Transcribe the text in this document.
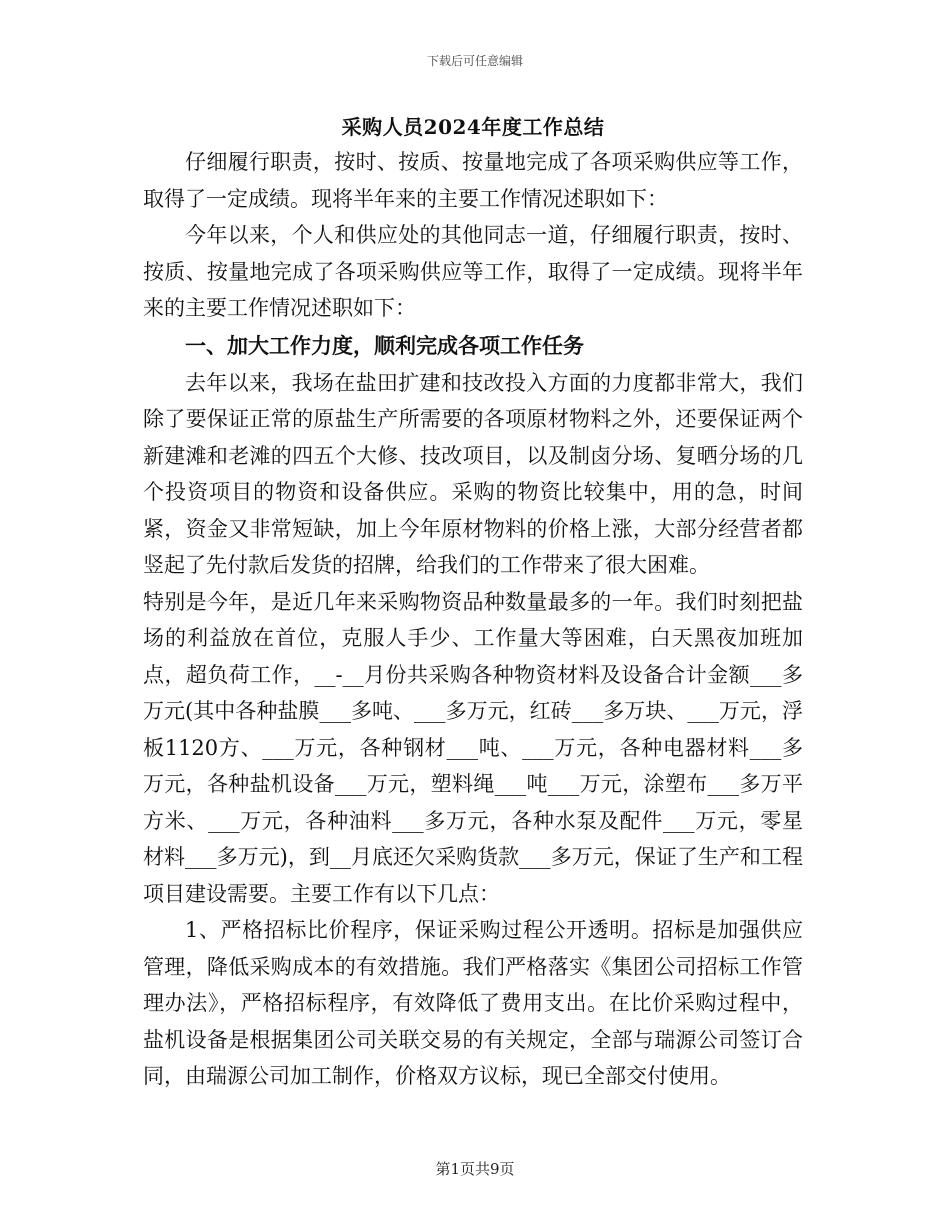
下载后可任意编辑
采购人员2024年度工作总结

仔细履行职责，按时、按质、按量地完成了各项采购供应等工作，取得了一定成绩。现将半年来的主要工作情况述职如下：

今年以来，个人和供应处的其他同志一道，仔细履行职责，按时、按质、按量地完成了各项采购供应等工作，取得了一定成绩。现将半年来的主要工作情况述职如下：

一、加大工作力度，顺利完成各项工作任务

去年以来，我场在盐田扩建和技改投入方面的力度都非常大，我们除了要保证正常的原盐生产所需要的各项原材物料之外，还要保证两个新建滩和老滩的四五个大修、技改项目，以及制卤分场、复晒分场的几个投资项目的物资和设备供应。采购的物资比较集中，用的急，时间紧，资金又非常短缺，加上今年原材物料的价格上涨，大部分经营者都竖起了先付款后发货的招牌，给我们的工作带来了很大困难。

特别是今年，是近几年来采购物资品种数量最多的一年。我们时刻把盐场的利益放在首位，克服人手少、工作量大等困难，白天黑夜加班加点，超负荷工作，__-__月份共采购各种物资材料及设备合计金额___多万元(其中各种盐膜___多吨、___多万元，红砖___多万块、___万元，浮板1120方、___万元，各种钢材___吨、___万元，各种电器材料___多万元，各种盐机设备___万元，塑料绳___吨___万元，涂塑布___多万平方米、___万元，各种油料___多万元，各种水泵及配件___万元，零星材料___多万元)，到__月底还欠采购货款___多万元，保证了生产和工程项目建设需要。主要工作有以下几点：

1、严格招标比价程序，保证采购过程公开透明。招标是加强供应管理，降低采购成本的有效措施。我们严格落实《集团公司招标工作管理办法》，严格招标程序，有效降低了费用支出。在比价采购过程中，盐机设备是根据集团公司关联交易的有关规定，全部与瑞源公司签订合同，由瑞源公司加工制作，价格双方议标，现已全部交付使用。

第1页共9页
